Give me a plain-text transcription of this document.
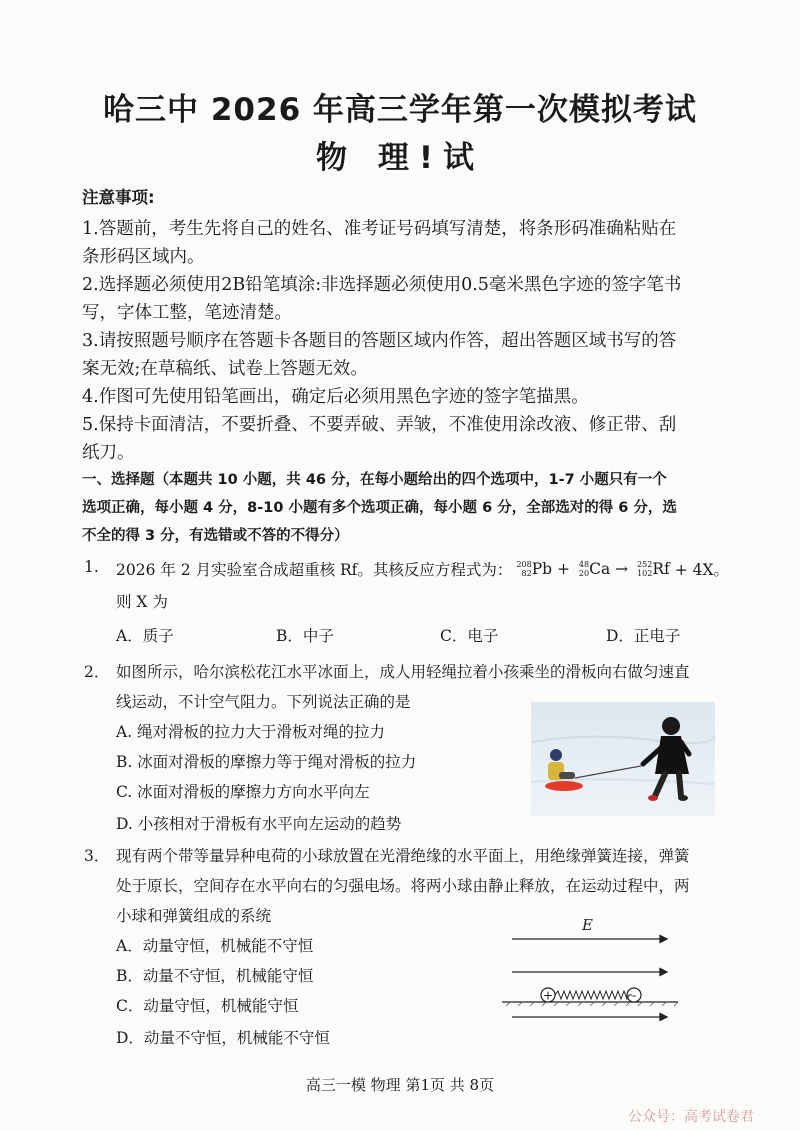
哈三中 2026 年高三学年第一次模拟考试
物 理!试
注意事项:
1.答题前，考生先将自己的姓名、准考证号码填写清楚，将条形码准确粘贴在
条形码区域内。
2.选择题必须使用2B铅笔填涂:非选择题必须使用0.5毫米黑色字迹的签字笔书
写，字体工整，笔迹清楚。
3.请按照题号顺序在答题卡各题目的答题区域内作答，超出答题区域书写的答
案无效;在草稿纸、试卷上答题无效。
4.作图可先使用铅笔画出，确定后必须用黑色字迹的签字笔描黑。
5.保持卡面清洁，不要折叠、不要弄破、弄皱，不准使用涂改液、修正带、刮
纸刀。
一、选择题（本题共 10 小题，共 46 分，在每小题给出的四个选项中，1-7 小题只有一个
选项正确，每小题 4 分，8-10 小题有多个选项正确，每小题 6 分，全部选对的得 6 分，选
不全的得 3 分，有选错或不答的不得分）
1. 2026 年 2 月实验室合成超重核 Rf。其核反应方程式为： 208
82 Pb + 48
20 Ca → 252
102 Rf + 4X。
则 X 为
A．质子	B．中子	C．电子	D．正电子
2． 如图所示，哈尔滨松花江水平冰面上，成人用轻绳拉着小孩乘坐的滑板向右做匀速直
线运动，不计空气阻力。下列说法正确的是
A. 绳对滑板的拉力大于滑板对绳的拉力
B. 冰面对滑板的摩擦力等于绳对滑板的拉力
C. 冰面对滑板的摩擦力方向水平向左
D. 小孩相对于滑板有水平向左运动的趋势
3． 现有两个带等量异种电荷的小球放置在光滑绝缘的水平面上，用绝缘弹簧连接，弹簧
处于原长，空间存在水平向右的匀强电场。将两小球由静止释放，在运动过程中，两
小球和弹簧组成的系统
A．动量守恒，机械能不守恒
B．动量不守恒，机械能守恒
C．动量守恒，机械能守恒
D．动量不守恒，机械能不守恒
E
+	-
高三一模 物理 第1页 共 8页
公众号：高考试卷君
